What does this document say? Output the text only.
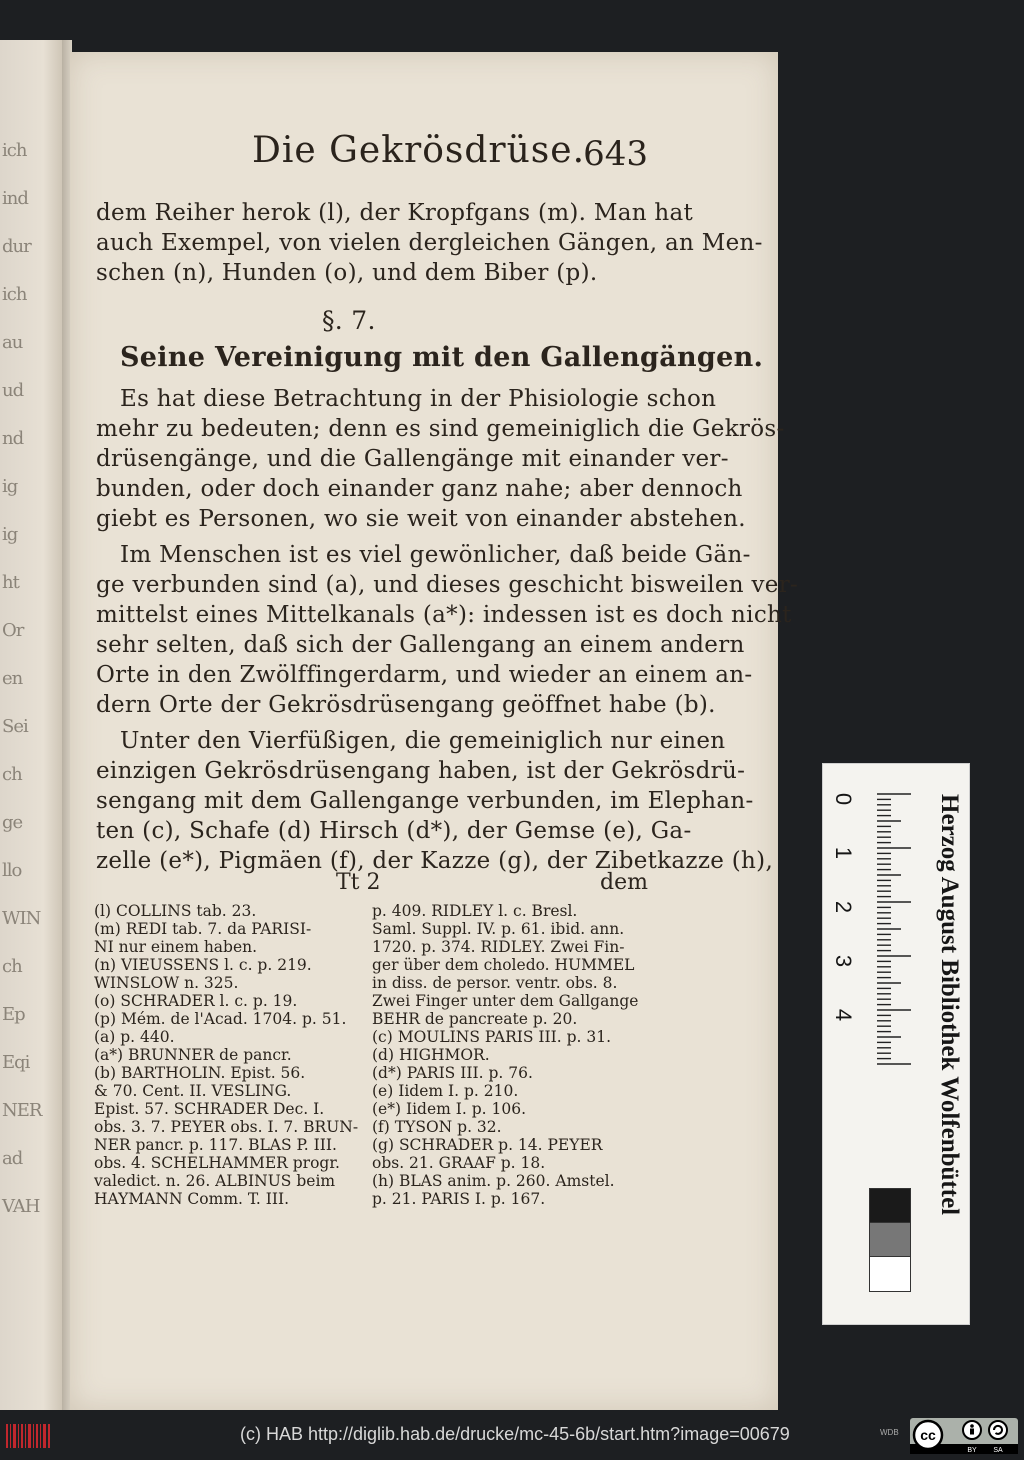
ich
ind
dur
ich
au
ud
nd
ig
ig
ht
Or
en
Sei
ch
ge
llo
WIN
ch
Ep
Eqi
NER
ad
VAH
Die Gekrösdrüse.
643
dem Reiher herok (l), der Kropfgans (m). Man hat
auch Exempel, von vielen dergleichen Gängen, an Men-
schen (n), Hunden (o), und dem Biber (p).
§. 7.
Seine Vereinigung mit den Gallengängen.
Es hat diese Betrachtung in der Phisiologie schon
mehr zu bedeuten; denn es sind gemeiniglich die Gekrös-
drüsengänge, und die Gallengänge mit einander ver-
bunden, oder doch einander ganz nahe; aber dennoch
giebt es Personen, wo sie weit von einander abstehen.
Im Menschen ist es viel gewönlicher, daß beide Gän-
ge verbunden sind (a), und dieses geschicht bisweilen ver-
mittelst eines Mittelkanals (a*): indessen ist es doch nicht
sehr selten, daß sich der Gallengang an einem andern
Orte in den Zwölffingerdarm, und wieder an einem an-
dern Orte der Gekrösdrüsengang geöffnet habe (b).
Unter den Vierfüßigen, die gemeiniglich nur einen
einzigen Gekrösdrüsengang haben, ist der Gekrösdrü-
sengang mit dem Gallengange verbunden, im Elephan-
ten (c), Schafe (d) Hirsch (d*), der Gemse (e), Ga-
zelle (e*), Pigmäen (f), der Kazze (g), der Zibetkazze (h),
Tt 2	dem
(l) COLLINS tab. 23.
(m) REDI tab. 7. da PARISI-
NI nur einem haben.
(n) VIEUSSENS l. c. p. 219.
WINSLOW n. 325.
(o) SCHRADER l. c. p. 19.
(p) Mém. de l'Acad. 1704. p. 51.
(a) p. 440.
(a*) BRUNNER de pancr.
(b) BARTHOLIN. Epist. 56.
& 70. Cent. II. VESLING.
Epist. 57. SCHRADER Dec. I.
obs. 3. 7. PEYER obs. I. 7. BRUN-
NER pancr. p. 117. BLAS P. III.
obs. 4. SCHELHAMMER progr.
valedict. n. 26. ALBINUS beim
HAYMANN Comm. T. III.
p. 409. RIDLEY l. c. Bresl.
Saml. Suppl. IV. p. 61. ibid. ann.
1720. p. 374. RIDLEY. Zwei Fin-
ger über dem choledo. HUMMEL
in diss. de persor. ventr. obs. 8.
Zwei Finger unter dem Gallgange
BEHR de pancreate p. 20.
(c) MOULINS PARIS III. p. 31.
(d) HIGHMOR.
(d*) PARIS III. p. 76.
(e) Iidem I. p. 210.
(e*) Iidem I. p. 106.
(f) TYSON p. 32.
(g) SCHRADER p. 14. PEYER
obs. 21. GRAAF p. 18.
(h) BLAS anim. p. 260. Amstel.
p. 21. PARIS I. p. 167.	Herzog August Bibliothek Wolfenbüttel
0
1
2
3
4
(c) HAB http://diglib.hab.de/drucke/mc-45-6b/start.htm?image=00679	WDB cc
BY SA
